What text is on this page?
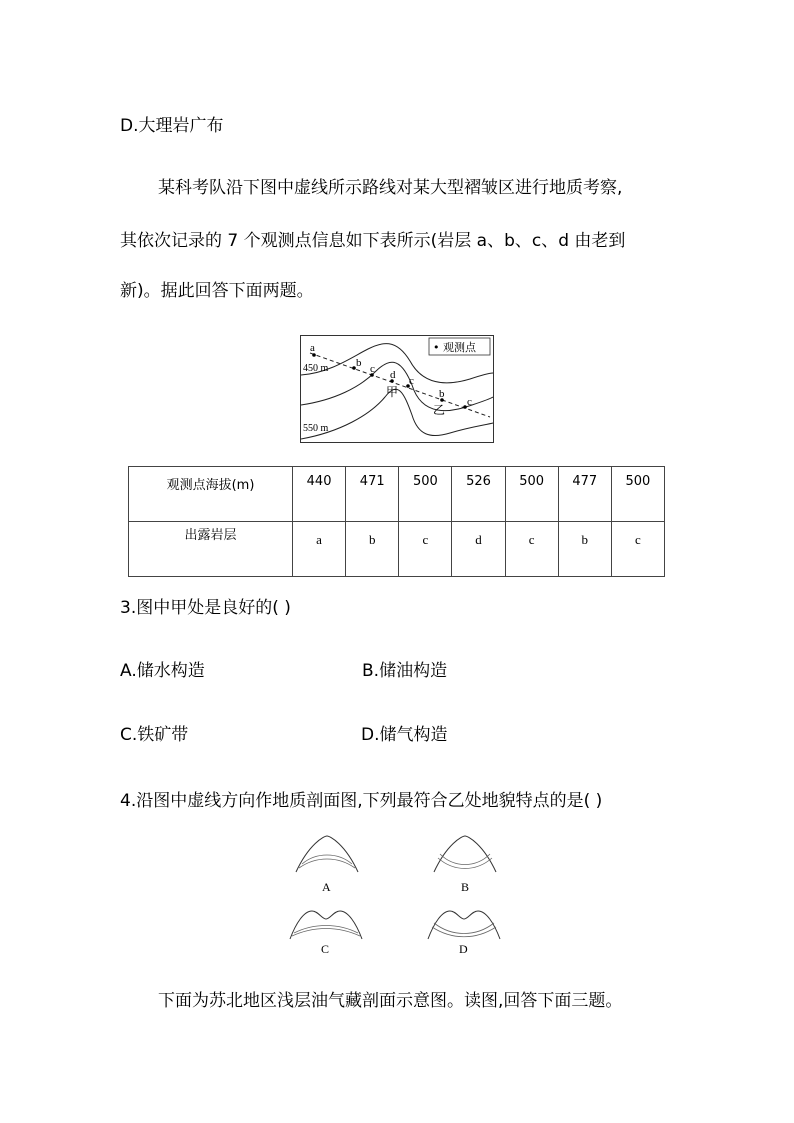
D.大理岩广布
某科考队沿下图中虚线所示路线对某大型褶皱区进行地质考察,
其依次记录的 7 个观测点信息如下表所示(岩层 a、b、c、d 由老到
新)。据此回答下面两题。
• 观测点
a
b c d c
b
c
450 m
550 m
甲
乙
观测点海拔(m)	440	471	500	526	500	477	500
出露岩层	a	b	c	d	c	b	c
3.图中甲处是良好的( )
A.储水构造	B.储油构造
C.铁矿带	D.储气构造
4.沿图中虚线方向作地质剖面图,下列最符合乙处地貌特点的是( )
A	B
C	D
下面为苏北地区浅层油气藏剖面示意图。读图,回答下面三题。
